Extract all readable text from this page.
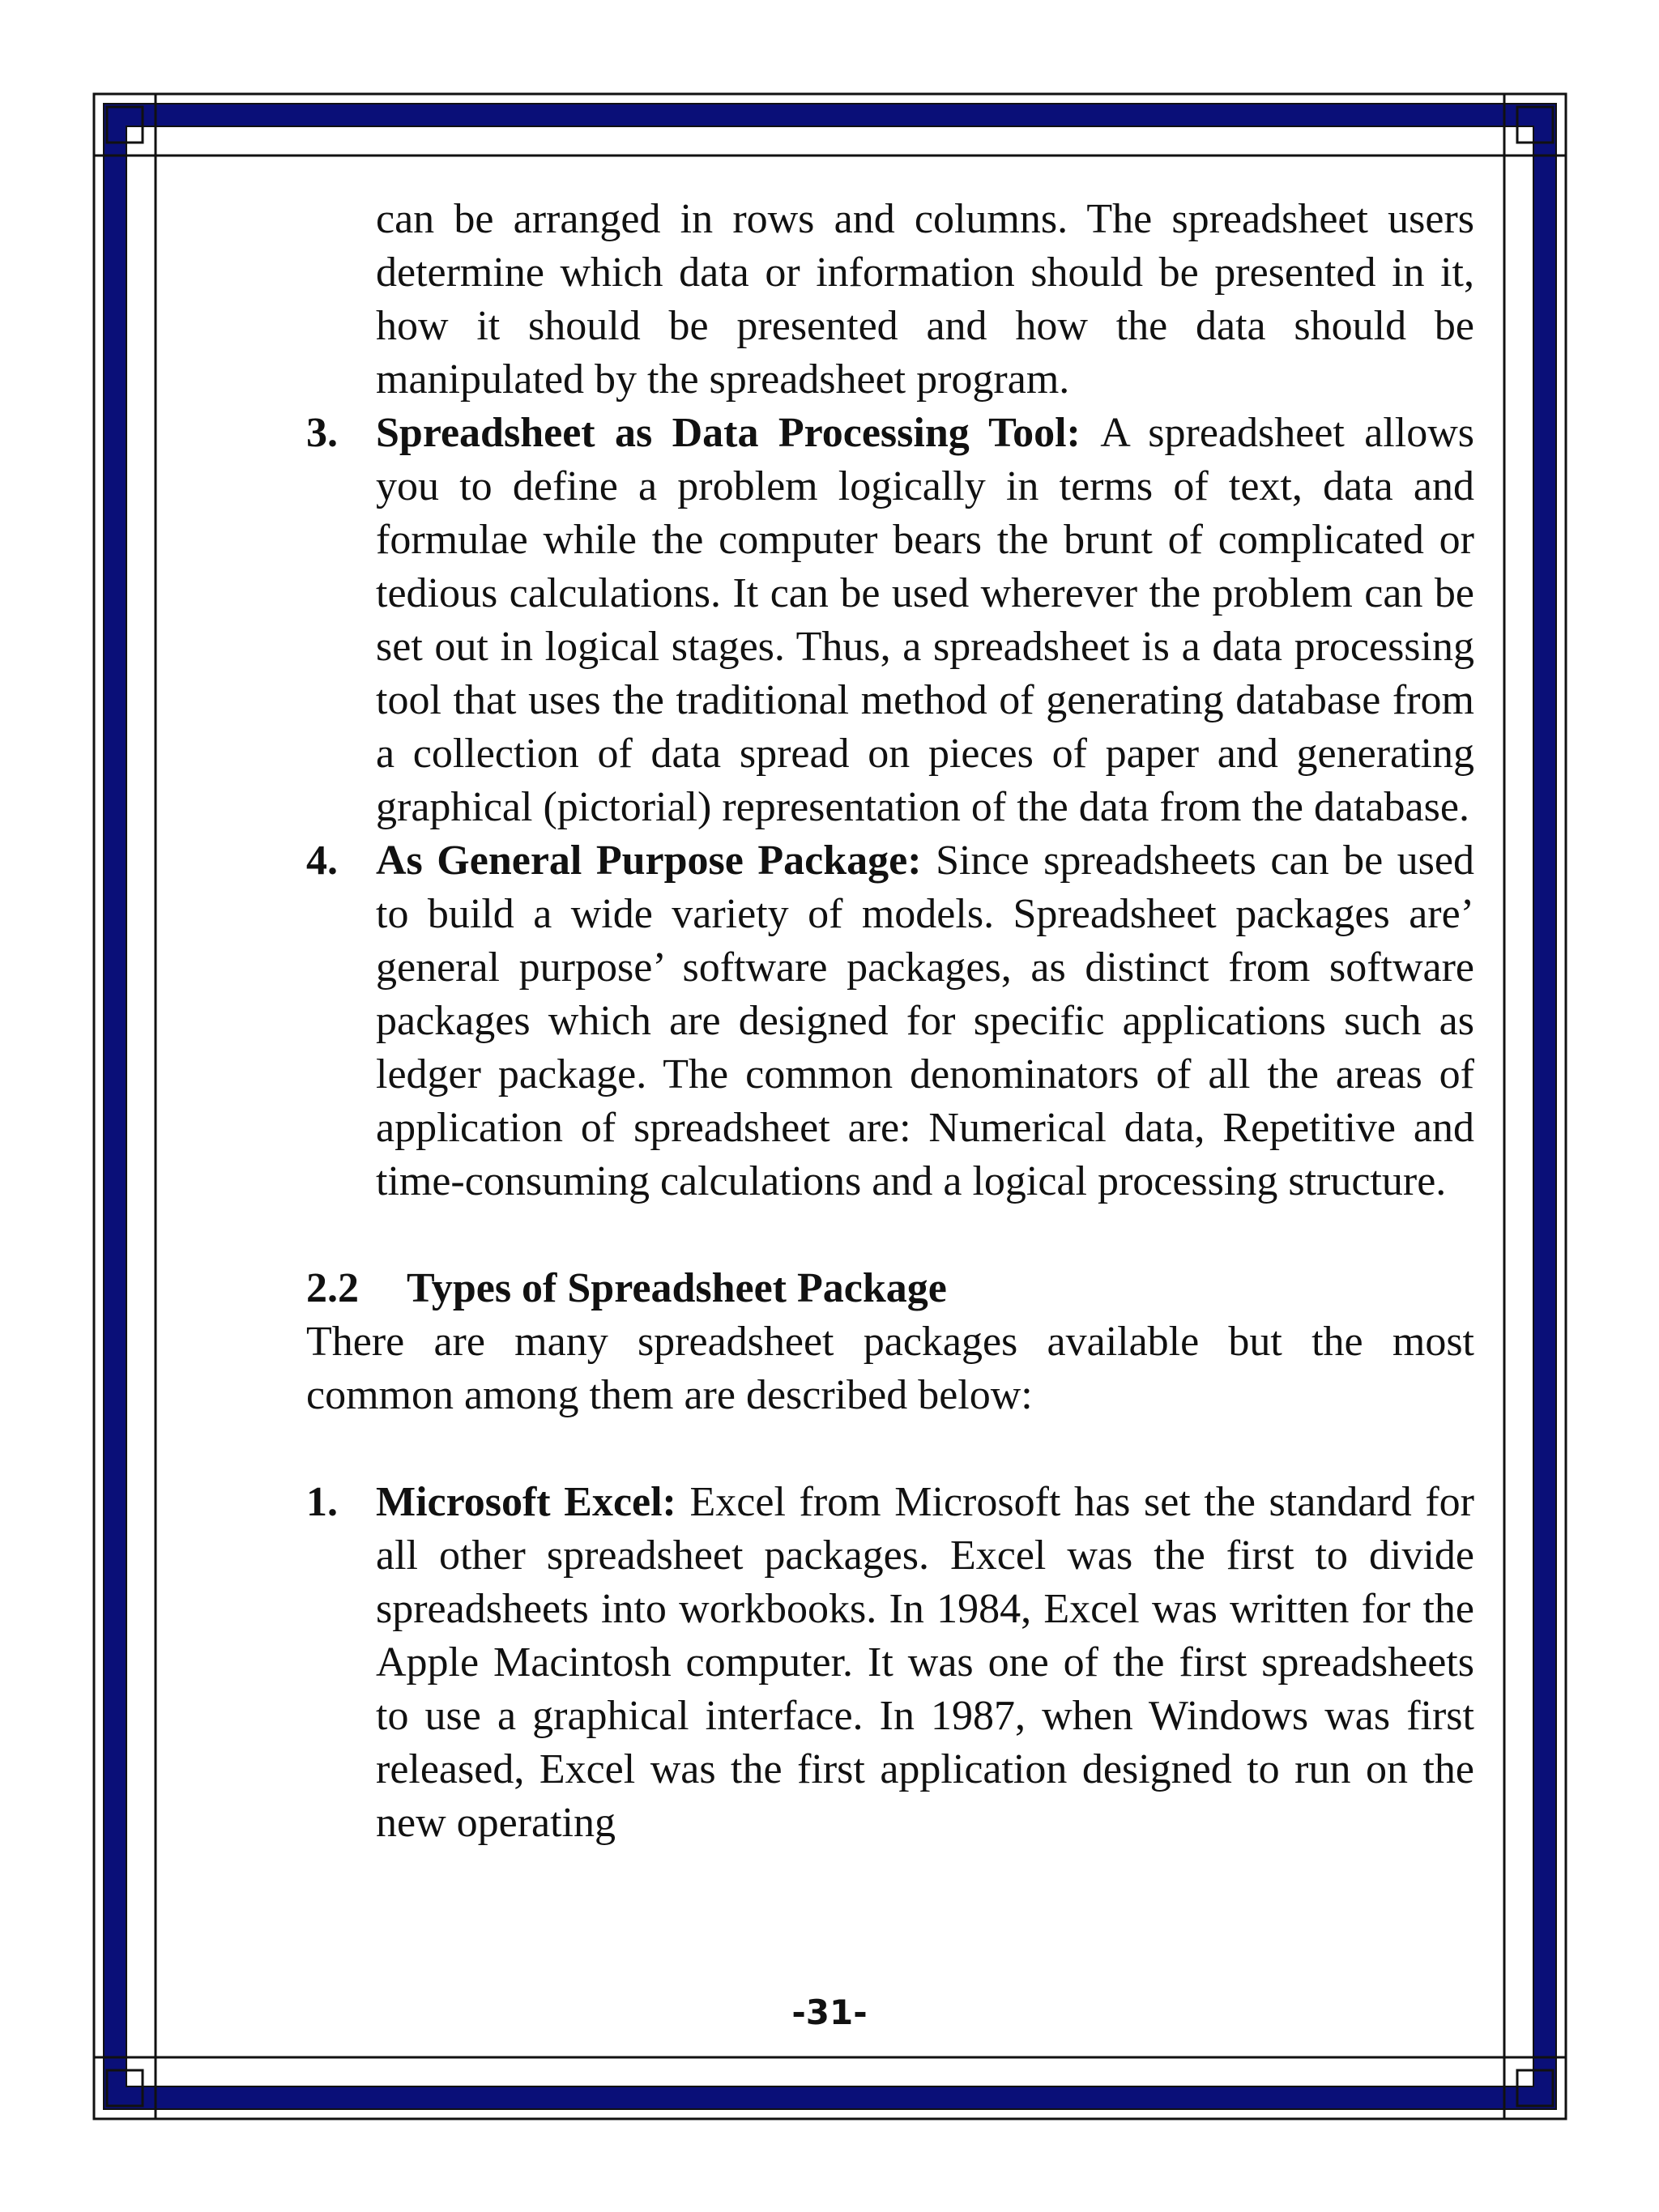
can be arranged in rows and columns. The spreadsheet users determine which data or information should be presented in it, how it should be presented and how the data should be manipulated by the spreadsheet program.

3. Spreadsheet as Data Processing Tool: A spreadsheet allows you to define a problem logically in terms of text, data and formulae while the computer bears the brunt of complicated or tedious calculations. It can be used wherever the problem can be set out in logical stages. Thus, a spreadsheet is a data processing tool that uses the traditional method of generating database from a collection of data spread on pieces of paper and generating graphical (pictorial) representation of the data from the database.

4. As General Purpose Package: Since spreadsheets can be used to build a wide variety of models. Spreadsheet packages are’ general purpose’ software packages, as distinct from software packages which are designed for specific applications such as ledger package. The common denominators of all the areas of application of spreadsheet are: Numerical data, Repetitive and time-consuming calculations and a logical processing structure.

2.2 Types of Spreadsheet Package

There are many spreadsheet packages available but the most common among them are described below:

1. Microsoft Excel: Excel from Microsoft has set the standard for all other spreadsheet packages. Excel was the first to divide spreadsheets into workbooks. In 1984, Excel was written for the Apple Macintosh computer. It was one of the first spreadsheets to use a graphical interface. In 1987, when Windows was first released, Excel was the first application designed to run on the new operating

-31-
